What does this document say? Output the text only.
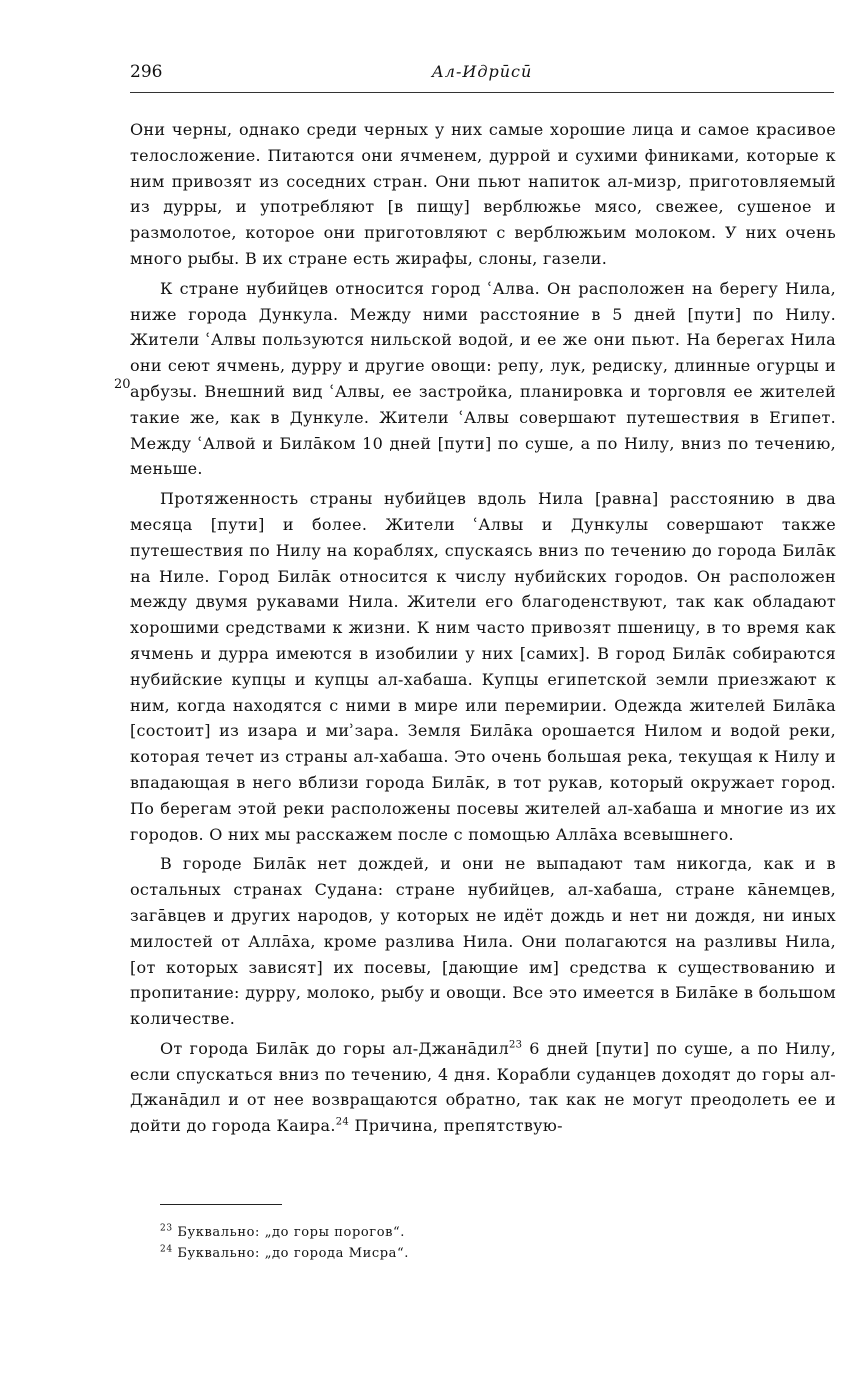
296	Ал-Идрӣсӣ
20

Они черны, однако среди черных у них самые хорошие лица и самое красивое телосложение. Питаются они ячменем, дуррой и сухими финиками, которые к ним привозят из соседних стран. Они пьют напиток ал-мизр, приготовляемый из дурры, и употребляют [в пищу] верблюжье мясо, свежее, сушеное и размолотое, которое они приготовляют с верблюжьим молоком. У них очень много рыбы. В их стране есть жирафы, слоны, газели.

К стране нубийцев относится город ʿАлва. Он расположен на берегу Нила, ниже города Дункула. Между ними расстояние в 5 дней [пути] по Нилу. Жители ʿАлвы пользуются нильской водой, и ее же они пьют. На берегах Нила они сеют ячмень, дурру и другие овощи: репу, лук, редиску, длинные огурцы и арбузы. Внешний вид ʿАлвы, ее застройка, планировка и торговля ее жителей такие же, как в Дункуле. Жители ʿАлвы совершают путешествия в Египет. Между ʿАлвой и Билāком 10 дней [пути] по суше, а по Нилу, вниз по течению, меньше.

Протяженность страны нубийцев вдоль Нила [равна] расстоянию в два месяца [пути] и более. Жители ʿАлвы и Дункулы совершают также путешествия по Нилу на кораблях, спускаясь вниз по течению до города Билāк на Ниле. Город Билāк относится к числу нубийских городов. Он расположен между двумя рукавами Нила. Жители его благоденствуют, так как обладают хорошими средствами к жизни. К ним часто привозят пшеницу, в то время как ячмень и дурра имеются в изобилии у них [самих]. В город Билāк собираются нубийские купцы и купцы ал-хабаша. Купцы египетской земли приезжают к ним, когда находятся с ними в мире или перемирии. Одежда жителей Билāка [состоит] из изара и миʾзара. Земля Билāка орошается Нилом и водой реки, которая течет из страны ал-хабаша. Это очень большая река, текущая к Нилу и впадающая в него вблизи города Билāк, в тот рукав, который окружает город. По берегам этой реки расположены посевы жителей ал-хабаша и многие из их городов. О них мы расскажем после с помощью Аллāха всевышнего.

В городе Билāк нет дождей, и они не выпадают там никогда, как и в остальных странах Судана: стране нубийцев, ал-хабаша, стране кāнемцев, загāвцев и других народов, у которых не идёт дождь и нет ни дождя, ни иных милостей от Аллāха, кроме разлива Нила. Они полагаются на разливы Нила, [от которых зависят] их посевы, [дающие им] средства к существованию и пропитание: дурру, молоко, рыбу и овощи. Все это имеется в Билāке в большом количестве.

От города Билāк до горы ал-Джанāдил$^{23}$ 6 дней [пути] по суше, а по Нилу, если спускаться вниз по течению, 4 дня. Корабли суданцев доходят до горы ал-Джанāдил и от нее возвращаются обратно, так как не могут преодолеть ее и дойти до города Каира.$^{24}$ Причина, препятствую-

$^{23}$ Буквально: „до горы порогов“.
$^{24}$ Буквально: „до города Мисра“.
